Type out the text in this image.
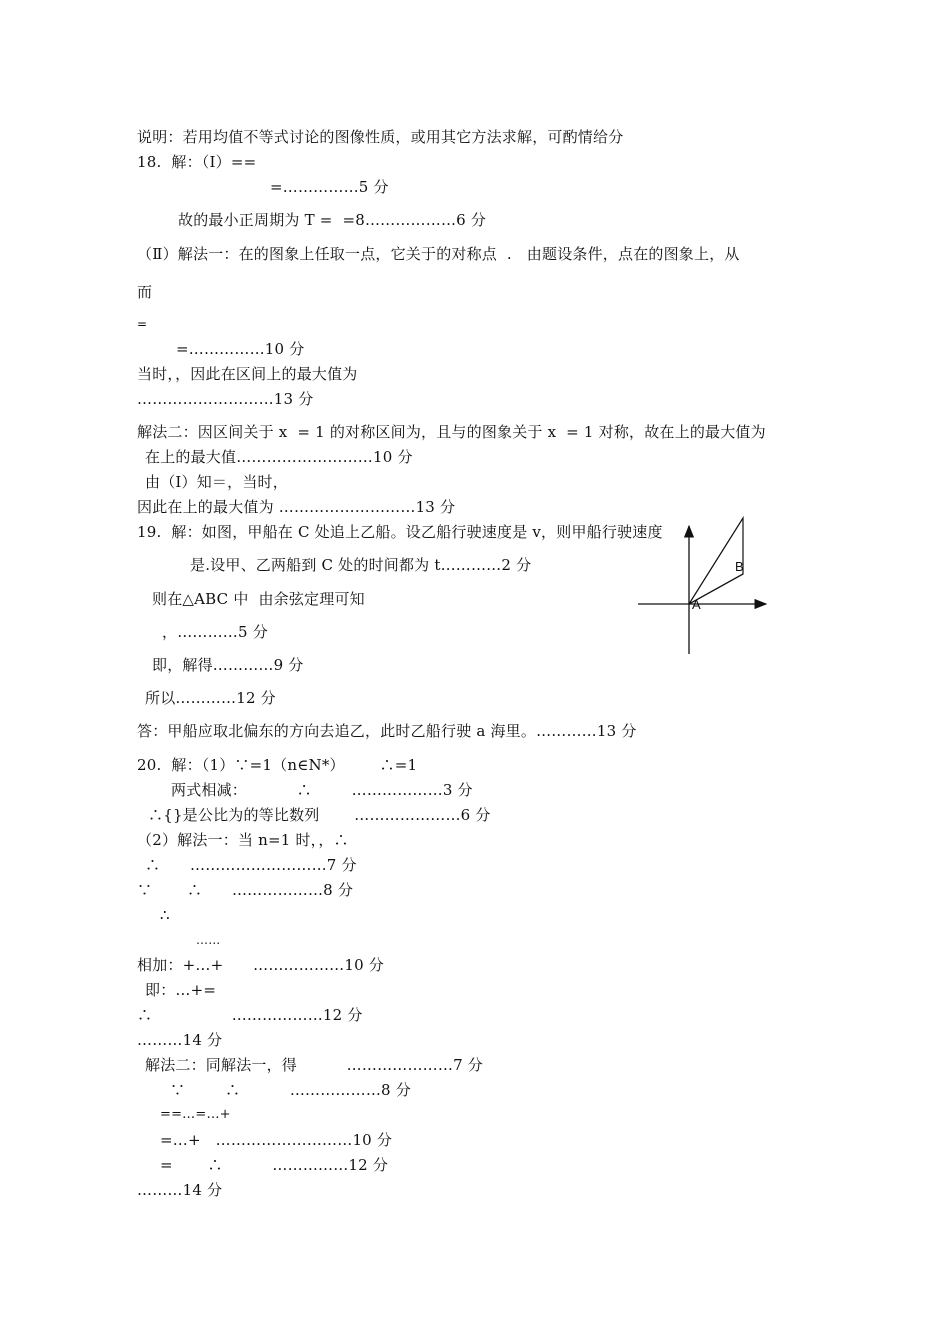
说明：若用均值不等式讨论的图像性质，或用其它方法求解，可酌情给分
18.  解：（Ⅰ）==
=……………5 分
故的最小正周期为 T =  =8………………6 分
（Ⅱ）解法一：在的图象上任取一点，它关于的对称点  .   由题设条件，点在的图象上，从
而
=
=……………10 分
当时，，因此在区间上的最大值为
………………………13 分
解法二：因区间关于 x  = 1 的对称区间为，且与的图象关于 x  = 1 对称，故在上的最大值为
在上的最大值………………………10 分
由（Ⅰ）知＝，当时，
因此在上的最大值为 ………………………13 分
19.  解：如图，甲船在 C 处追上乙船。设乙船行驶速度是 v，则甲船行驶速度
是.设甲、乙两船到 C 处的时间都为 t…………2 分
则在△ABC 中  由余弦定理可知
，…………5 分
即，解得…………9 分
所以…………12 分
答：甲船应取北偏东的方向去追乙，此时乙船行驶 a 海里。…………13 分
20.  解：（1）∵=1（n∈N*）       ∴=1
两式相减：          ∴        ………………3 分
∴{}是公比为的等比数列       …………………6 分
（2）解法一：当 n=1 时，，∴
∴      ………………………7 分
∵       ∴      ………………8 分
∴
……
相加：+…+      ………………10 分
即：…+=
∴                ………………12 分
………14 分
解法二：同解法一，得          …………………7 分
∵        ∴          ………………8 分
==…=…+
=…+   ………………………10 分
=       ∴          ……………12 分
………14 分
A
B
